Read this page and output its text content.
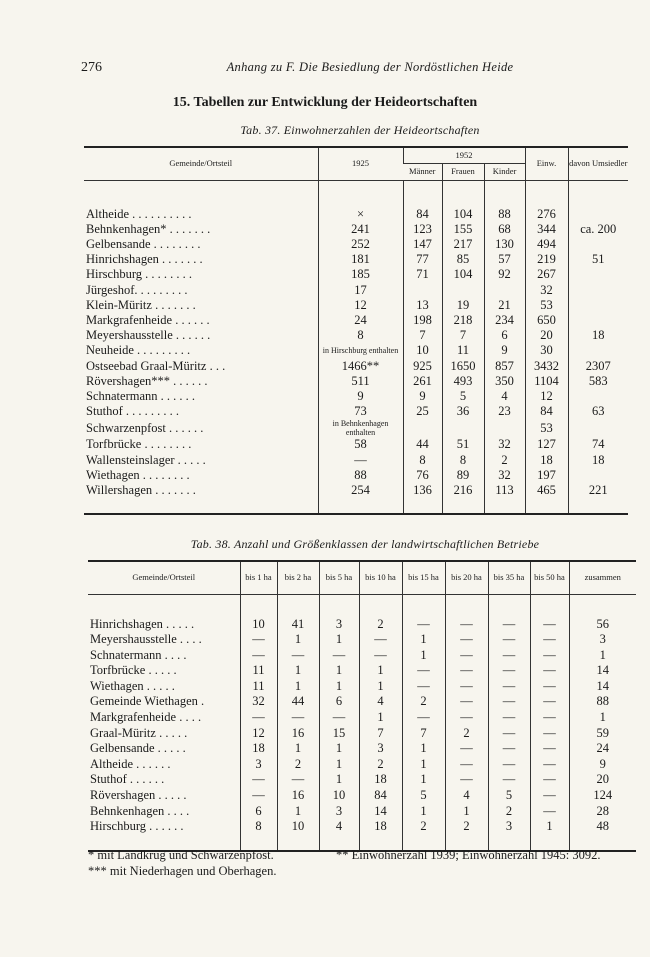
276	Anhang zu F. Die Besiedlung der Nordöstlichen Heide
15. Tabellen zur Entwicklung der Heideortschaften
Tab. 37. Einwohnerzahlen der Heideortschaften
Gemeinde/Ortsteil	1925	1952			Einw.	davon Umsiedler
		Männer	Frauen	Kinder		

Altheide . . . . . . . . . .	×	84	104	88	276	
Behnkenhagen* . . . . . . .	241	123	155	68	344	ca. 200
Gelbensande . . . . . . . .	252	147	217	130	494	
Hinrichshagen . . . . . . .	181	77	85	57	219	51
Hirschburg . . . . . . . .	185	71	104	92	267	
Jürgeshof. . . . . . . . .	17				32	
Klein-Müritz . . . . . . .	12	13	19	21	53	
Markgrafenheide . . . . . .	24	198	218	234	650	
Meyershausstelle . . . . . .	8	7	7	6	20	18
Neuheide . . . . . . . . .	in Hirschburg enthalten	10	11	9	30	
Ostseebad Graal-Müritz . . .	1466**	925	1650	857	3432	2307
Rövershagen*** . . . . . .	511	261	493	350	1104	583
Schnatermann . . . . . .	9	9	5	4	12	
Stuthof . . . . . . . . .	73	25	36	23	84	63
Schwarzenpfost . . . . . .	in Behnkenhagen enthalten				53	
Torfbrücke . . . . . . . .	58	44	51	32	127	74
Wallensteinslager . . . . .	—	8	8	2	18	18
Wiethagen . . . . . . . .	88	76	89	32	197	
Willershagen . . . . . . .	254	136	216	113	465	221

Tab. 38. Anzahl und Größenklassen der landwirtschaftlichen Betriebe
Gemeinde/Ortsteil	bis 1 ha	bis 2 ha	bis 5 ha	bis 10 ha	bis 15 ha	bis 20 ha	bis 35 ha	bis 50 ha	zusammen

Hinrichshagen . . . . .	10	41	3	2	—	—	—	—	56
Meyershausstelle . . . .	—	1	1	—	1	—	—	—	3
Schnatermann . . . .	—	—	—	—	1	—	—	—	1
Torfbrücke . . . . .	11	1	1	1	—	—	—	—	14
Wiethagen . . . . .	11	1	1	1	—	—	—	—	14
Gemeinde Wiethagen .	32	44	6	4	2	—	—	—	88
Markgrafenheide . . . .	—	—	—	1	—	—	—	—	1
Graal-Müritz . . . . .	12	16	15	7	7	2	—	—	59
Gelbensande . . . . .	18	1	1	3	1	—	—	—	24
Altheide . . . . . .	3	2	1	2	1	—	—	—	9
Stuthof . . . . . .	—	—	1	18	1	—	—	—	20
Rövershagen . . . . .	—	16	10	84	5	4	5	—	124
Behnkenhagen . . . .	6	1	3	14	1	1	2	—	28
Hirschburg . . . . . .	8	10	4	18	2	2	3	1	48

* mit Landkrug und Schwarzenpfost.	** Einwohnerzahl 1939; Einwohnerzahl 1945: 3092.
*** mit Niederhagen und Oberhagen.
